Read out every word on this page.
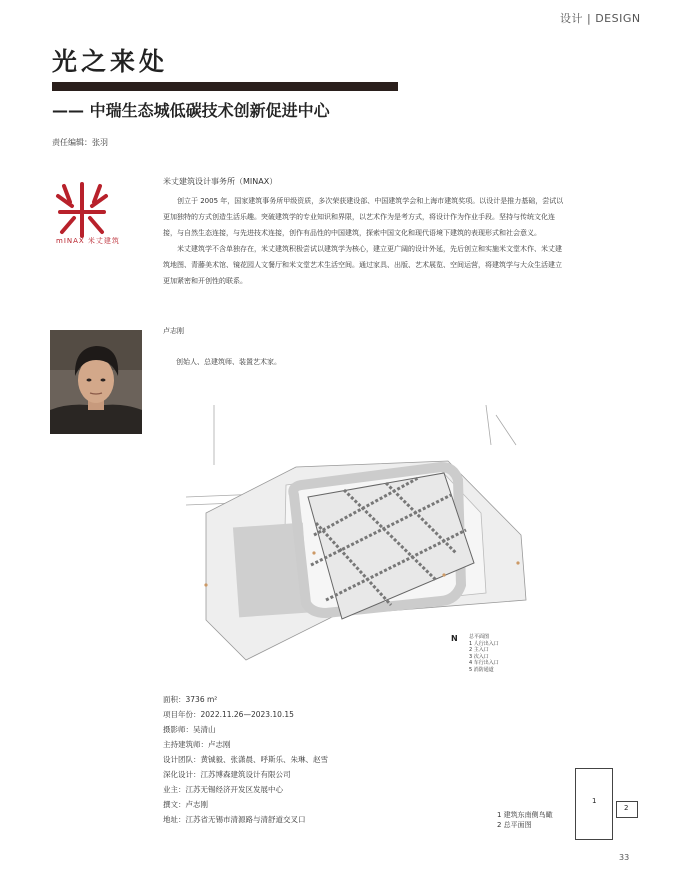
设计 | DESIGN
光之来处
—— 中瑞生态城低碳技术创新促进中心
责任编辑：张羽
mINAX 米丈建筑
米丈建筑设计事务所（MINAX）

创立于 2005 年，国家建筑事务所甲级资质，多次荣获建设部、中国建筑学会和上海市建筑奖项。以设计是推力基础，尝试以更加独特的方式创造生活乐趣。突破建筑学的专业知识和界限，以艺术作为是考方式，将设计作为作业手段。坚持与传统文化连接，与自然生态连接，与先进技术连接，创作有品性的中国建筑，探索中国文化和现代语境下建筑的表现形式和社会意义。

米丈建筑学不含单独存在，米丈建筑积极尝试以建筑学为核心，建立更广阔的设计外延，先后创立和实施米文堂木作、米丈建筑地图、青藤美术馆、镜花园人文餐厅和米文堂艺术生活空间。通过家具、出版、艺术展览、空间运营，将建筑学与大众生活建立更加紧密和开创性的联系。

卢志刚
创始人、总建筑师、装置艺术家。
N 总平面图
1 人行出入口
2 主入口
3 次入口
4 车行出入口
5 消防通道
面积：3736 m²
项目年份：2022.11.26—2023.10.15
摄影师：吴清山
主持建筑师：卢志刚
设计团队：黄铖毅、张潇晨、呼斯乐、朱琳、赵雪
深化设计：江苏博森建筑设计有限公司
业主：江苏无锡经济开发区发展中心
撰文：卢志刚
地址：江苏省无锡市清源路与清舒道交叉口
1
2
1 建筑东南侧鸟瞰
2 总平面图
33
